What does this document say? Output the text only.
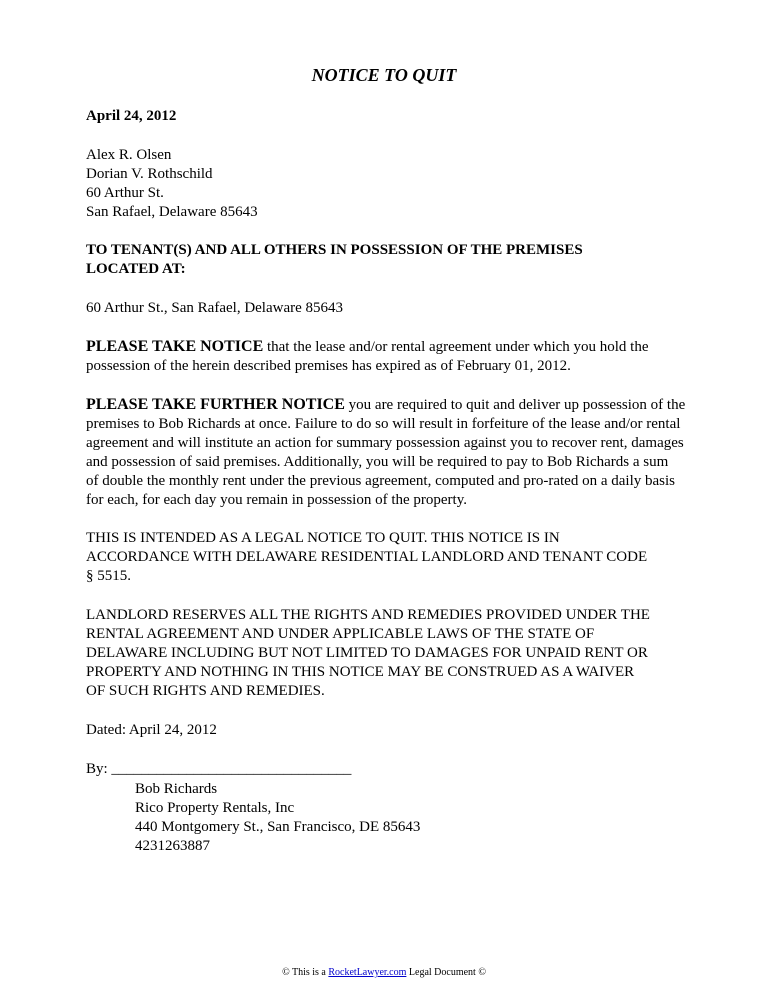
NOTICE TO QUIT
April 24, 2012
Alex R. Olsen
Dorian V. Rothschild
60 Arthur St.
San Rafael, Delaware 85643
TO TENANT(S) AND ALL OTHERS IN POSSESSION OF THE PREMISES
LOCATED AT:
60 Arthur St., San Rafael, Delaware 85643
PLEASE TAKE NOTICE that the lease and/or rental agreement under which you hold the
possession of the herein described premises has expired as of February 01, 2012.
PLEASE TAKE FURTHER NOTICE you are required to quit and deliver up possession of the
premises to Bob Richards at once. Failure to do so will result in forfeiture of the lease and/or rental
agreement and will institute an action for summary possession against you to recover rent, damages
and possession of said premises. Additionally, you will be required to pay to Bob Richards a sum
of double the monthly rent under the previous agreement, computed and pro-rated on a daily basis
for each, for each day you remain in possession of the property.
THIS IS INTENDED AS A LEGAL NOTICE TO QUIT. THIS NOTICE IS IN
ACCORDANCE WITH DELAWARE RESIDENTIAL LANDLORD AND TENANT CODE
§ 5515.
LANDLORD RESERVES ALL THE RIGHTS AND REMEDIES PROVIDED UNDER THE
RENTAL AGREEMENT AND UNDER APPLICABLE LAWS OF THE STATE OF
DELAWARE INCLUDING BUT NOT LIMITED TO DAMAGES FOR UNPAID RENT OR
PROPERTY AND NOTHING IN THIS NOTICE MAY BE CONSTRUED AS A WAIVER
OF SUCH RIGHTS AND REMEDIES.
Dated: April 24, 2012
By: ________________________________
Bob Richards
Rico Property Rentals, Inc
440 Montgomery St., San Francisco, DE 85643
4231263887
© This is a RocketLawyer.com Legal Document ©
